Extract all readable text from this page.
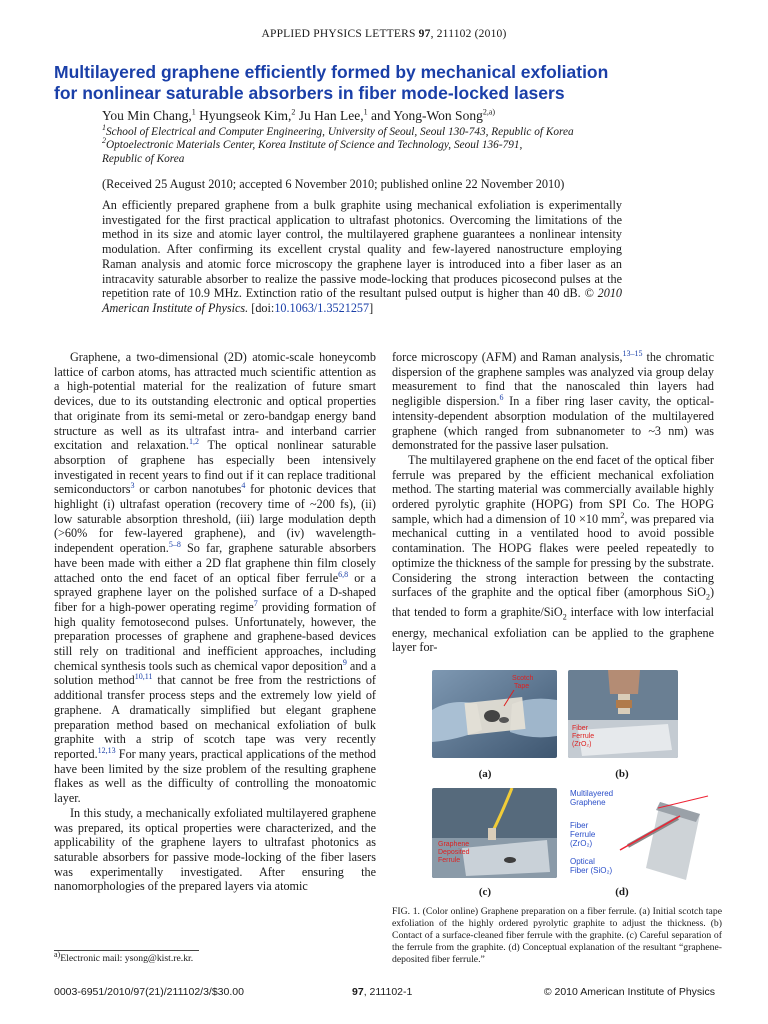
APPLIED PHYSICS LETTERS 97, 211102 (2010)
Multilayered graphene efficiently formed by mechanical exfoliation
for nonlinear saturable absorbers in fiber mode-locked lasers
You Min Chang,$^1$ Hyungseok Kim,$^2$ Ju Han Lee,$^1$ and Yong-Won Song$^{2,a)}$
$^1$School of Electrical and Computer Engineering, University of Seoul, Seoul 130-743, Republic of Korea
$^2$Optoelectronic Materials Center, Korea Institute of Science and Technology, Seoul 136-791,
Republic of Korea
(Received 25 August 2010; accepted 6 November 2010; published online 22 November 2010)
An efficiently prepared graphene from a bulk graphite using mechanical exfoliation is experimentally investigated for the first practical application to ultrafast photonics. Overcoming the limitations of the method in its size and atomic layer control, the multilayered graphene guarantees a nonlinear intensity modulation. After confirming its excellent crystal quality and few-layered nanostructure employing Raman analysis and atomic force microscopy the graphene layer is introduced into a fiber laser as an intracavity saturable absorber to realize the passive mode-locking that produces picosecond pulses at the repetition rate of 10.9 MHz. Extinction ratio of the resultant pulsed output is higher than 40 dB. © 2010 American Institute of Physics. [doi:10.1063/1.3521257]

Graphene, a two-dimensional (2D) atomic-scale honeycomb lattice of carbon atoms, has attracted much scientific attention as a high-potential material for the realization of future smart devices, due to its outstanding electronic and optical properties that originate from its semi-metal or zero-bandgap energy band structure as well as its ultrafast intra- and interband carrier excitation and relaxation.$^{1,2}$ The optical nonlinear saturable absorption of graphene has especially been intensively investigated in recent years to find out if it can replace traditional semiconductors$^3$ or carbon nanotubes$^4$ for photonic devices that highlight (i) ultrafast operation (recovery time of ~200 fs), (ii) low saturable absorption threshold, (iii) large modulation depth (>60% for few-layered graphene), and (iv) wavelength-independent operation.$^{5-8}$ So far, graphene saturable absorbers have been made with either a 2D flat graphene thin film closely attached onto the end facet of an optical fiber ferrule$^{6,8}$ or a sprayed graphene layer on the polished surface of a D-shaped fiber for a high-power operating regime$^7$ providing formation of high quality femotosecond pulses. Unfortunately, however, the preparation processes of graphene and graphene-based devices still rely on traditional and inefficient approaches, including chemical synthesis tools such as chemical vapor deposition$^9$ and a solution method$^{10,11}$ that cannot be free from the restrictions of additional transfer process steps and the extremely low yield of graphene. A dramatically simplified but elegant graphene preparation method based on mechanical exfoliation of bulk graphite with a strip of scotch tape was very recently reported.$^{12,13}$ For many years, practical applications of the method have been limited by the size problem of the resulting graphene flakes as well as the difficulty of controlling the monoatomic layer.

In this study, a mechanically exfoliated multilayered graphene was prepared, its optical properties were characterized, and the applicability of the graphene layers to ultrafast photonics as saturable absorbers for passive mode-locking of the fiber lasers was experimentally investigated. After ensuring the nanomorphologies of the prepared layers via atomic

force microscopy (AFM) and Raman analysis,$^{13-15}$ the chromatic dispersion of the graphene samples was analyzed via group delay measurement to find that the nanoscaled thin layers had negligible dispersion.$^6$ In a fiber ring laser cavity, the optical-intensity-dependent absorption modulation of the multilayered graphene (which ranged from subnanometer to ~3 nm) was demonstrated for the passive laser pulsation.

The multilayered graphene on the end facet of the optical fiber ferrule was prepared by the efficient mechanical exfoliation method. The starting material was commercially available highly ordered pyrolytic graphite (HOPG) from SPI Co. The HOPG sample, which had a dimension of 10 ×10 $mm^2$, was prepared via mechanical cutting in a ventilated hood to avoid possible contamination. The HOPG flakes were peeled repeatedly to optimize the thickness of the sample for pressing by the substrate. Considering the strong interaction between the contacting surfaces of the graphite and the optical fiber (amorphous SiO$_2$) that tended to form a graphite/SiO$_2$ interface with low interfacial energy, mechanical exfoliation can be applied to the graphene layer for-

Scotch
Tape
(a)
Fiber
Ferrule
(ZrO₂)
(b)
Graphene
Deposited
Ferrule
(c)
Multilayered
Graphene
Fiber
Ferrule
(ZrO₂)
Optical
Fiber (SiO₂)
(d)
FIG. 1. (Color online) Graphene preparation on a fiber ferrule. (a) Initial scotch tape exfoliation of the highly ordered pyrolytic graphite to adjust the thickness. (b) Contact of a surface-cleaned fiber ferrule with the graphite. (c) Careful separation of the ferrule from the graphite. (d) Conceptual explanation of the resultant “graphene-deposited fiber ferrule.”
$^{a)}$Electronic mail: ysong@kist.re.kr.
0003-6951/2010/97(21)/211102/3/$30.00	97, 211102-1	© 2010 American Institute of Physics
